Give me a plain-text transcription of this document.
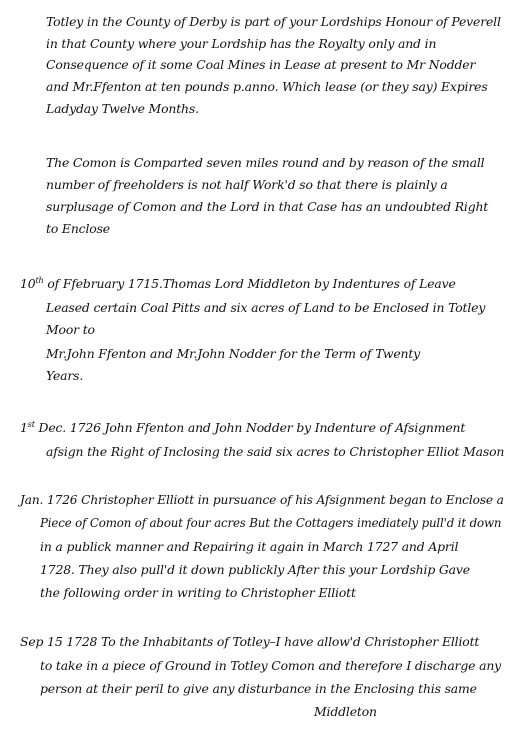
Totley in the County of Derby is part of your Lordships Honour of Peverell
in that County where your Lordship has the Royalty only and in
Consequence of it some Coal Mines in Lease at present to Mr Nodder
and Mr.Ffenton at ten pounds p.anno. Which lease (or they say) Expires
Ladyday Twelve Months.
The Comon is Comparted seven miles round and by reason of the small
number of freeholders is not half Work'd so that there is plainly a
surplusage of Comon and the Lord in that Case has an undoubted Right
to Enclose
10th of Ffebruary 1715.Thomas Lord Middleton by Indentures of Leave
Leased certain Coal Pitts and six acres of Land to be Enclosed in Totley
Moor to
Mr.John Ffenton and Mr.John Nodder for the Term of Twenty
Years.
1st Dec. 1726 John Ffenton and John Nodder by Indenture of Afsignment
afsign the Right of Inclosing the said six acres to Christopher Elliot Mason
Jan. 1726 Christopher Elliott in pursuance of his Afsignment began to Enclose a
Piece of Comon of about four acres But the Cottagers imediately pull'd it down
in a publick manner and Repairing it again in March 1727 and April
1728. They also pull'd it down publickly After this your Lordship Gave
the following order in writing to Christopher Elliott
Sep 15 1728 To the Inhabitants of Totley–I have allow'd Christopher Elliott
to take in a piece of Ground in Totley Comon and therefore I discharge any
person at their peril to give any disturbance in the Enclosing this same
Middleton
